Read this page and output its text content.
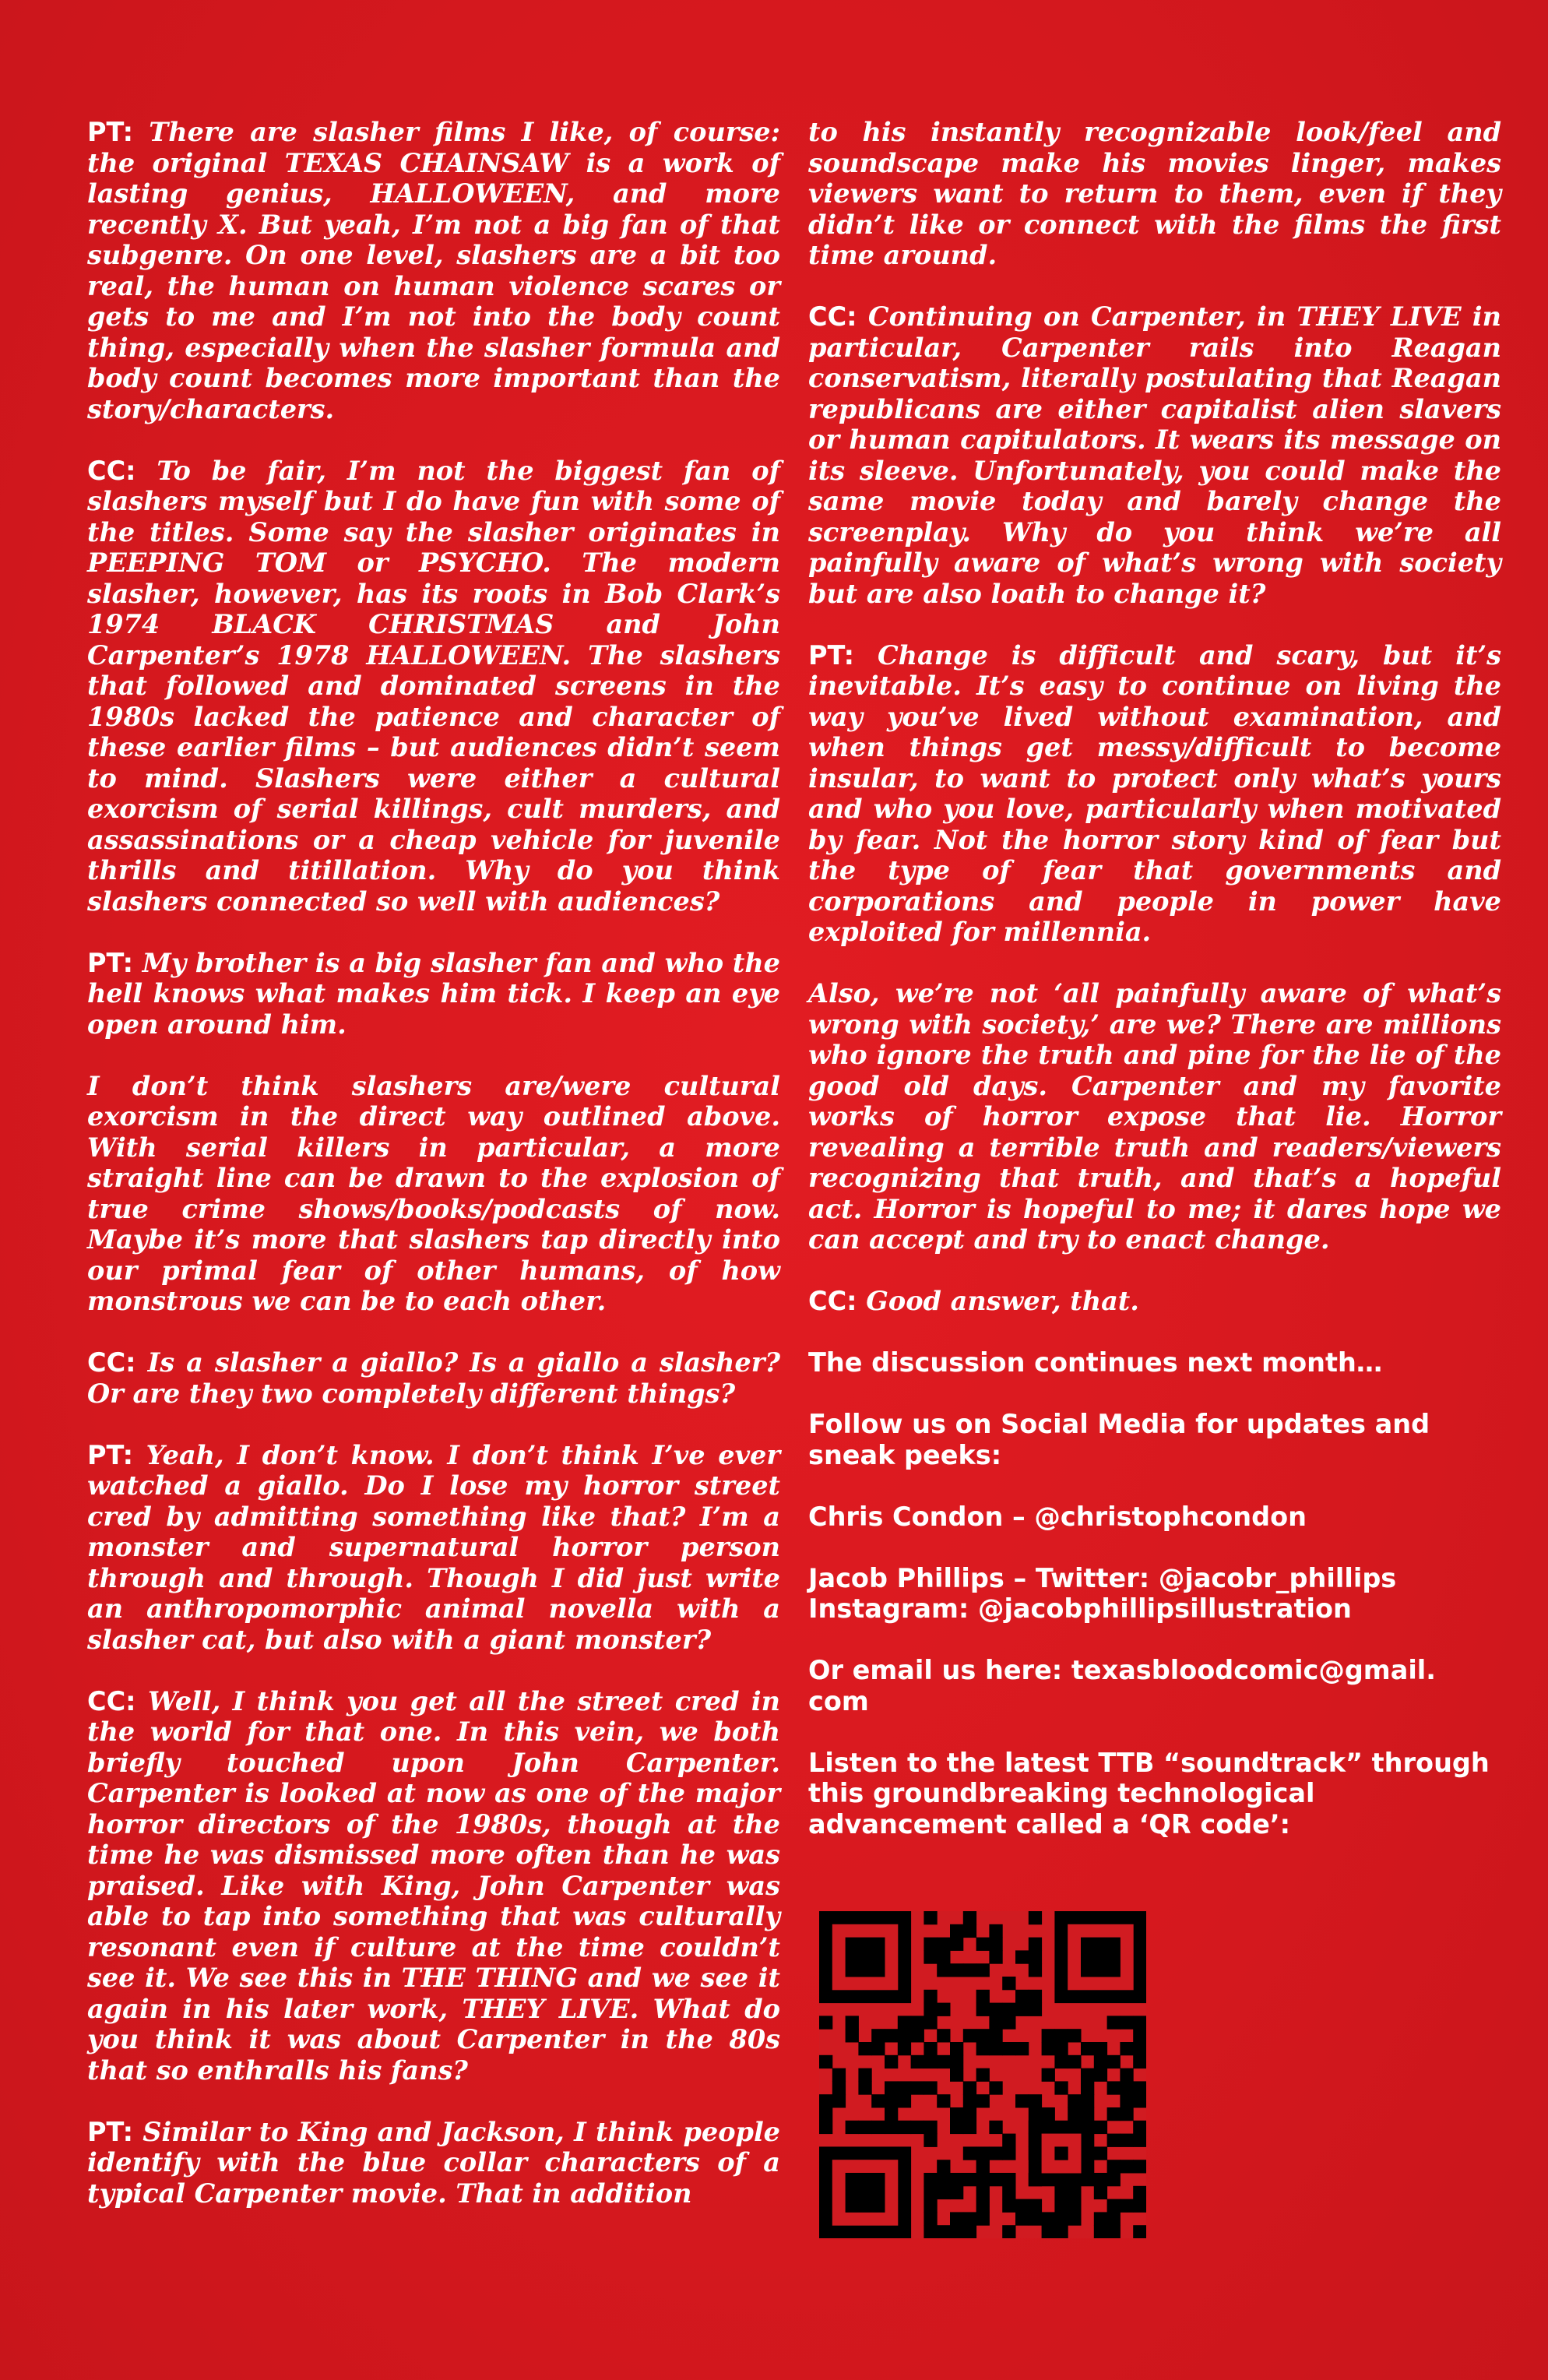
PT: There are slasher films I like, of course: the original TEXAS CHAINSAW is a work of lasting genius, HALLOWEEN, and more recently X. But yeah, I’m not a big fan of that subgenre. On one level, slashers are a bit too real, the human on human violence scares or gets to me and I’m not into the body count thing, especially when the slasher formula and body count becomes more important than the story/characters.

CC: To be fair, I’m not the biggest fan of slashers myself but I do have fun with some of the titles. Some say the slasher originates in PEEPING TOM or PSYCHO. The modern slasher, however, has its roots in Bob Clark’s 1974 BLACK CHRISTMAS and John Carpenter’s 1978 HALLOWEEN. The slashers that followed and dominated screens in the 1980s lacked the patience and character of these earlier films – but audiences didn’t seem to mind. Slashers were either a cultural exorcism of serial killings, cult murders, and assassinations or a cheap vehicle for juvenile thrills and titillation. Why do you think slashers connected so well with audiences?

PT: My brother is a big slasher fan and who the hell knows what makes him tick. I keep an eye open around him.

I don’t think slashers are/were cultural exorcism in the direct way outlined above. With serial killers in particular, a more straight line can be drawn to the explosion of true crime shows/books/podcasts of now. Maybe it’s more that slashers tap directly into our primal fear of other humans, of how monstrous we can be to each other.

CC: Is a slasher a giallo? Is a giallo a slasher? Or are they two completely different things?

PT: Yeah, I don’t know. I don’t think I’ve ever watched a giallo. Do I lose my horror street cred by admitting something like that? I’m a monster and supernatural horror person through and through. Though I did just write an anthropomorphic animal novella with a slasher cat, but also with a giant monster?

CC: Well, I think you get all the street cred in the world for that one. In this vein, we both briefly touched upon John Carpenter. Carpenter is looked at now as one of the major horror directors of the 1980s, though at the time he was dismissed more often than he was praised. Like with King, John Carpenter was able to tap into something that was culturally resonant even if culture at the time couldn’t see it. We see this in THE THING and we see it again in his later work, THEY LIVE. What do you think it was about Carpenter in the 80s that so enthralls his fans?

PT: Similar to King and Jackson, I think people identify with the blue collar characters of a typical Carpenter movie. That in addition

to his instantly recognizable look/feel and soundscape make his movies linger, makes viewers want to return to them, even if they didn’t like or connect with the films the first time around.

CC: Continuing on Carpenter, in THEY LIVE in particular, Carpenter rails into Reagan conservatism, literally postulating that Reagan republicans are either capitalist alien slavers or human capitulators. It wears its message on its sleeve. Unfortunately, you could make the same movie today and barely change the screenplay. Why do you think we’re all painfully aware of what’s wrong with society but are also loath to change it?

PT: Change is difficult and scary, but it’s inevitable. It’s easy to continue on living the way you’ve lived without examination, and when things get messy/difficult to become insular, to want to protect only what’s yours and who you love, particularly when motivated by fear. Not the horror story kind of fear but the type of fear that governments and corporations and people in power have exploited for millennia.

Also, we’re not ‘all painfully aware of what’s wrong with society,’ are we? There are millions who ignore the truth and pine for the lie of the good old days. Carpenter and my favorite works of horror expose that lie. Horror revealing a terrible truth and readers/viewers recognizing that truth, and that’s a hopeful act. Horror is hopeful to me; it dares hope we can accept and try to enact change.

CC: Good answer, that.

The discussion continues next month…

Follow us on Social Media for updates and sneak peeks:

Chris Condon – @christophcondon

Jacob Phillips – Twitter: @jacobr_phillips
Instagram: @jacobphillipsillustration

Or email us here: texasbloodcomic@gmail. com

Listen to the latest TTB “soundtrack” through this groundbreaking technological advancement called a ‘QR code’:
